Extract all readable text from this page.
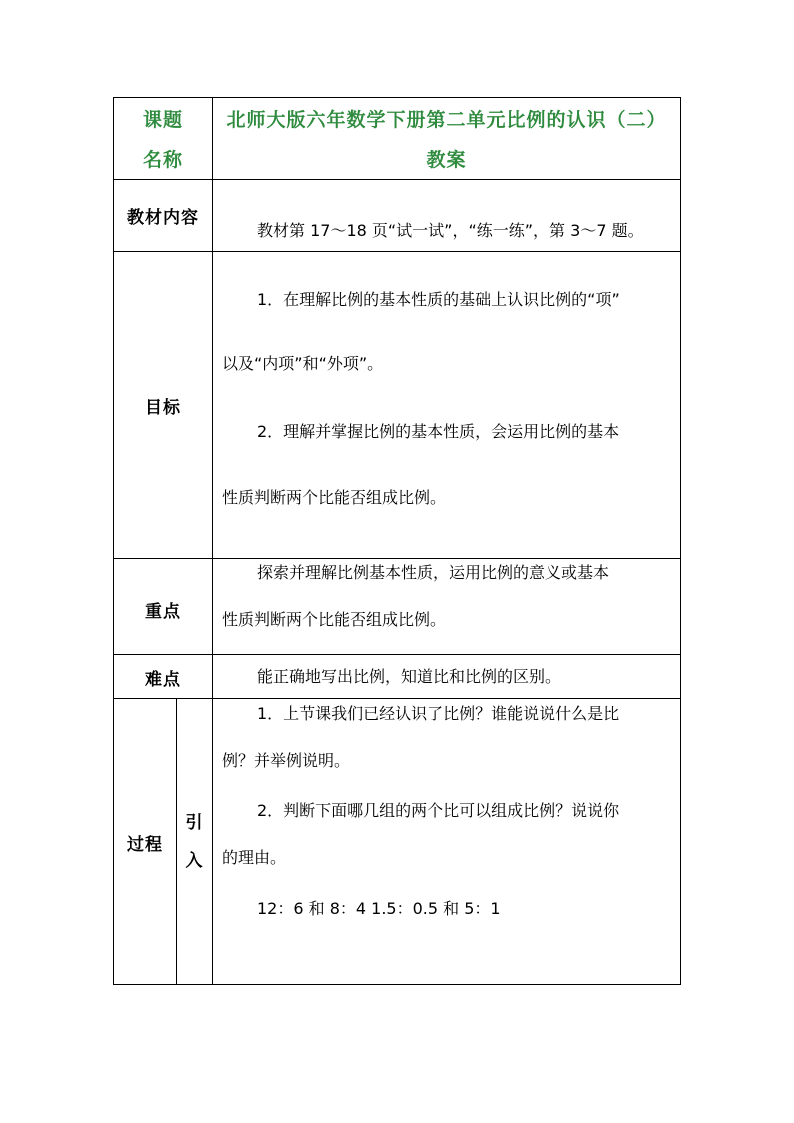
课题
名称
北师大版六年数学下册第二单元比例的认识（二）
教案
教材内容
教材第 17～18 页“试一试”，“练一练”，第 3～7 题。
目标
1．在理解比例的基本性质的基础上认识比例的“项”
以及“内项”和“外项”。
2．理解并掌握比例的基本性质，会运用比例的基本
性质判断两个比能否组成比例。
重点
探索并理解比例基本性质，运用比例的意义或基本
性质判断两个比能否组成比例。
难点	能正确地写出比例，知道比和比例的区别。
过程
引
入
1．上节课我们已经认识了比例？谁能说说什么是比
例？并举例说明。
2．判断下面哪几组的两个比可以组成比例？说说你
的理由。
12：6 和 8：4 1.5：0.5 和 5：1
